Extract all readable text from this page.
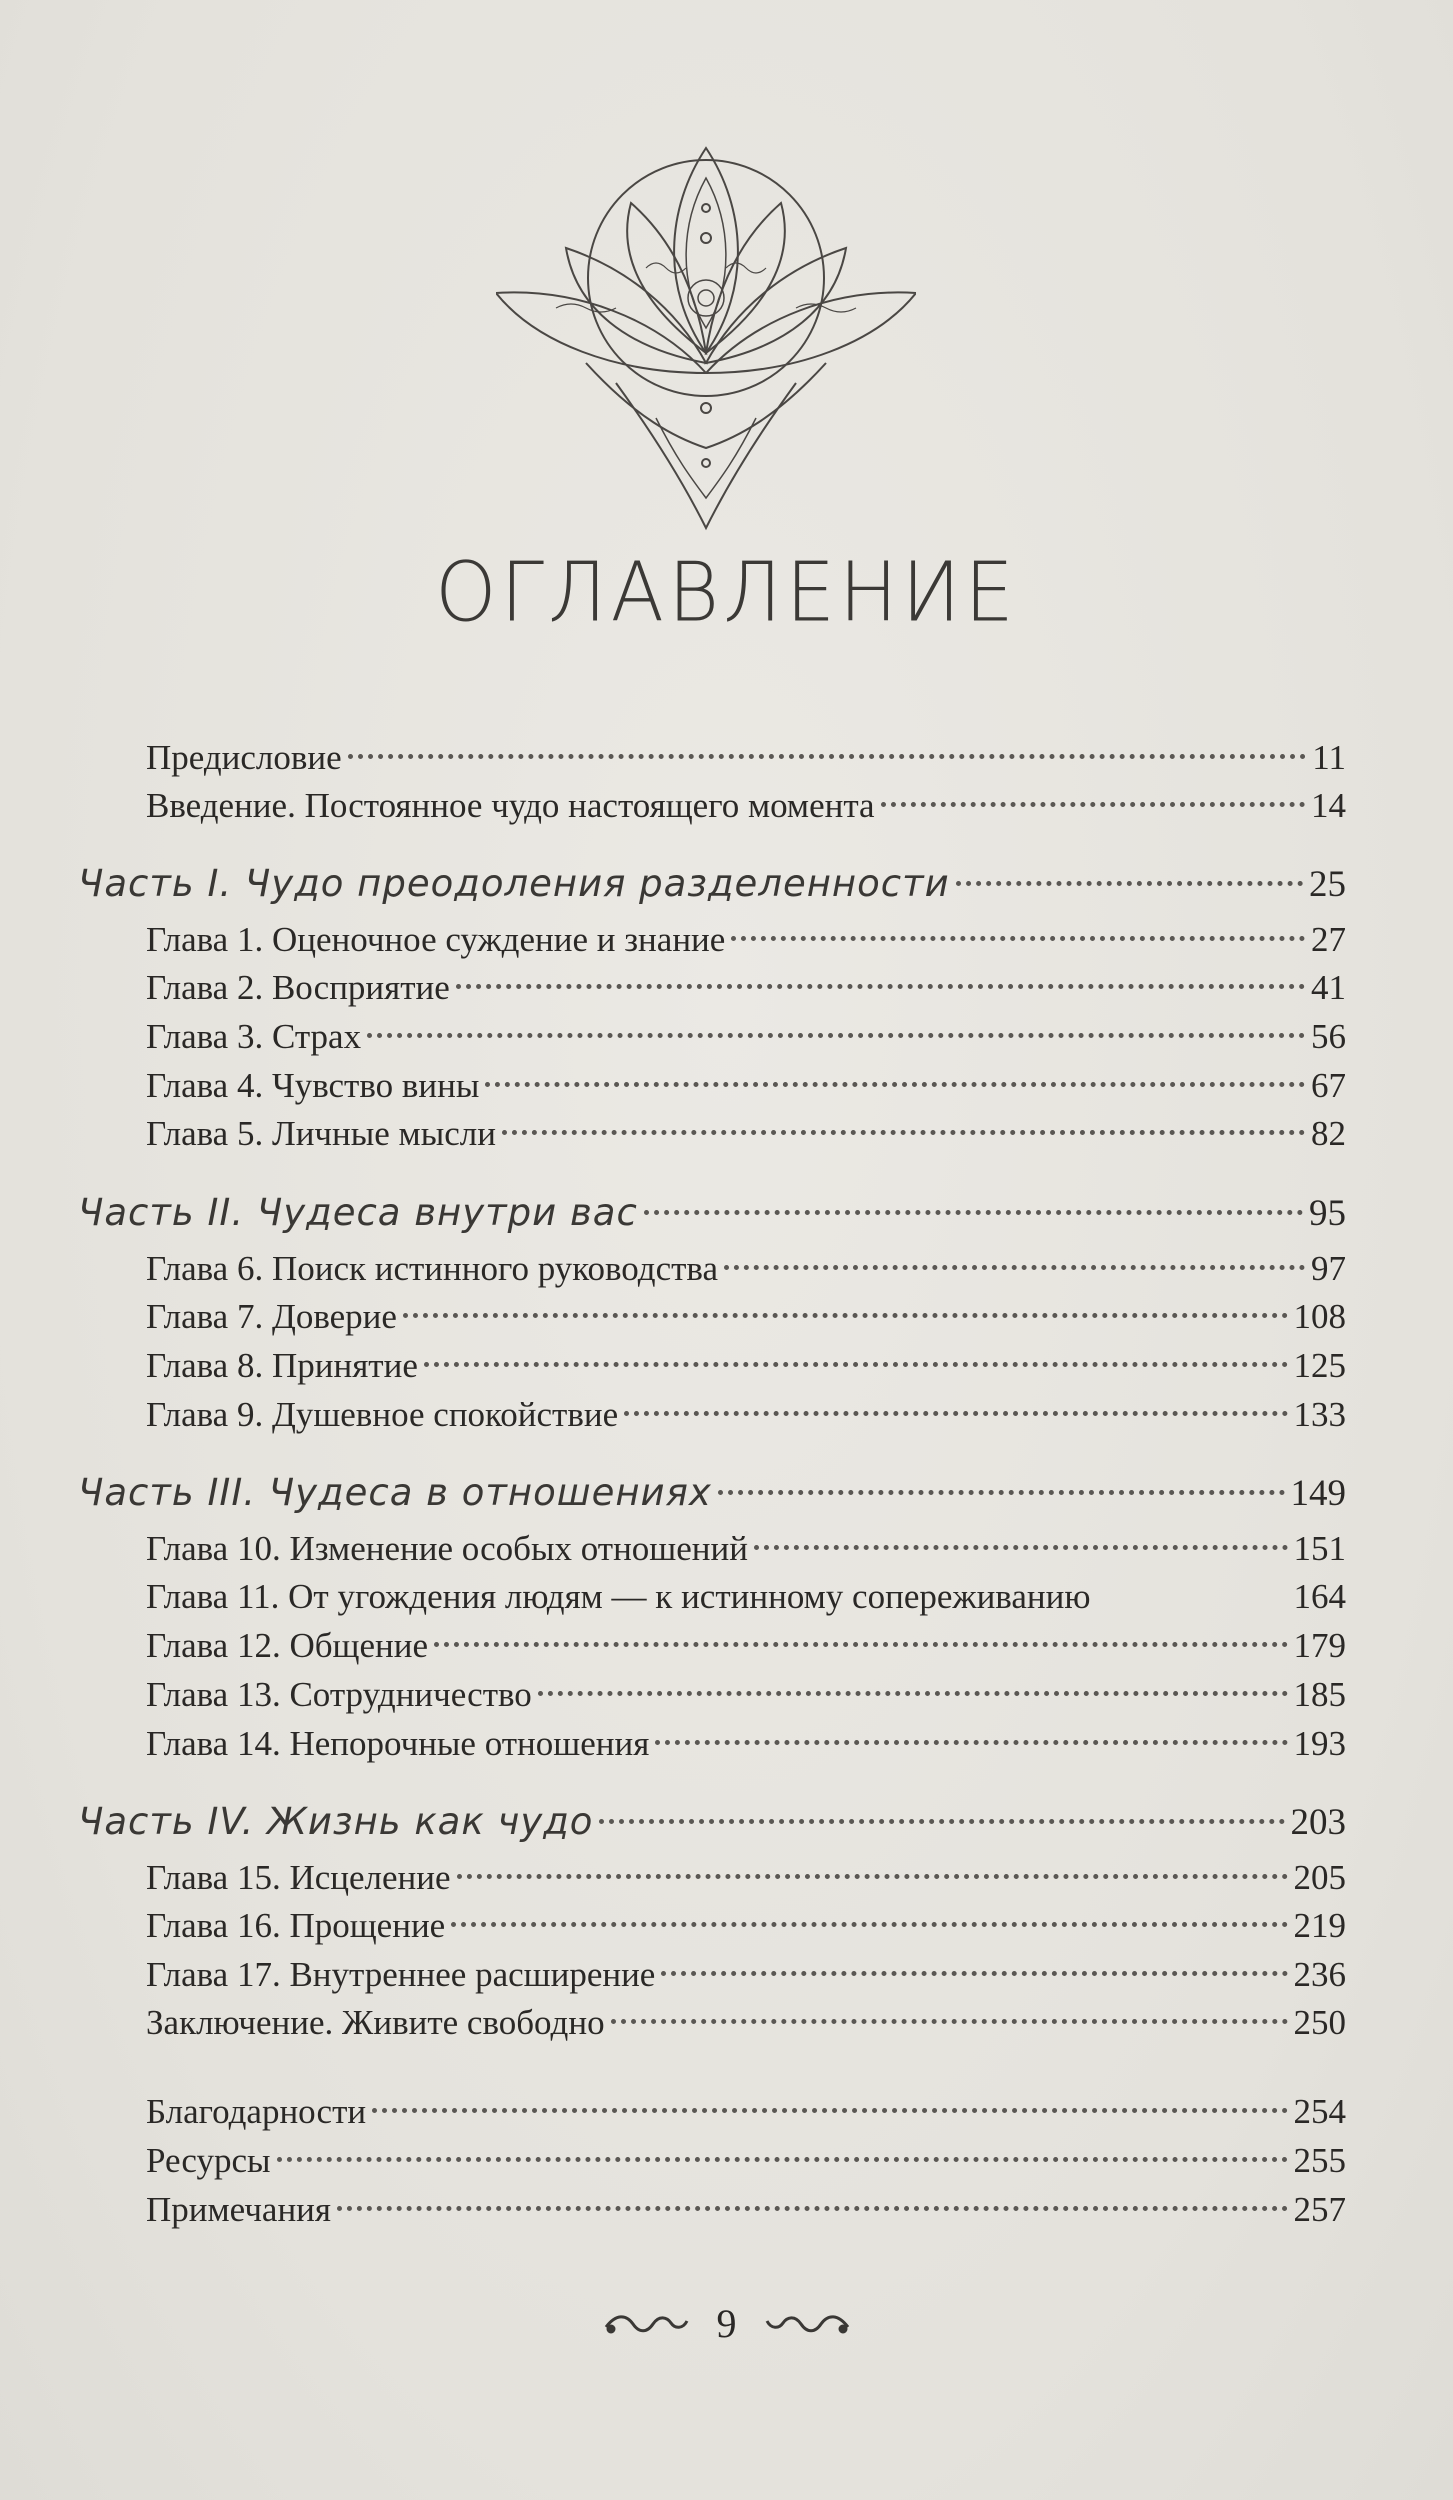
ОГЛАВЛЕНИЕ
Предисловие	11
Введение. Постоянное чудо настоящего момента	14
Часть I. Чудо преодоления разделенности	25
Глава 1. Оценочное суждение и знание	27
Глава 2. Восприятие	41
Глава 3. Страх	56
Глава 4. Чувство вины	67
Глава 5. Личные мысли	82
Часть II. Чудеса внутри вас	95
Глава 6. Поиск истинного руководства	97
Глава 7. Доверие	108
Глава 8. Принятие	125
Глава 9. Душевное спокойствие	133
Часть III. Чудеса в отношениях	149
Глава 10. Изменение особых отношений	151
Глава 11. От угождения людям — к истинному сопереживанию	164
Глава 12. Общение	179
Глава 13. Сотрудничество	185
Глава 14. Непорочные отношения	193
Часть IV. Жизнь как чудо	203
Глава 15. Исцеление	205
Глава 16. Прощение	219
Глава 17. Внутреннее расширение	236
Заключение. Живите свободно	250
Благодарности	254
Ресурсы	255
Примечания	257
9
